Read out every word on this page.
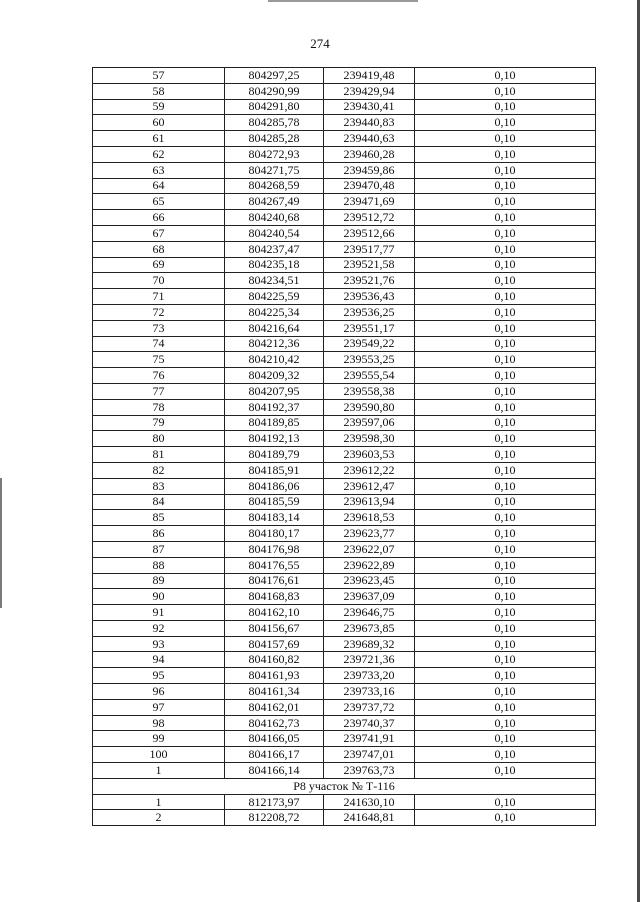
274
57	804297,25	239419,48	0,10
58	804290,99	239429,94	0,10
59	804291,80	239430,41	0,10
60	804285,78	239440,83	0,10
61	804285,28	239440,63	0,10
62	804272,93	239460,28	0,10
63	804271,75	239459,86	0,10
64	804268,59	239470,48	0,10
65	804267,49	239471,69	0,10
66	804240,68	239512,72	0,10
67	804240,54	239512,66	0,10
68	804237,47	239517,77	0,10
69	804235,18	239521,58	0,10
70	804234,51	239521,76	0,10
71	804225,59	239536,43	0,10
72	804225,34	239536,25	0,10
73	804216,64	239551,17	0,10
74	804212,36	239549,22	0,10
75	804210,42	239553,25	0,10
76	804209,32	239555,54	0,10
77	804207,95	239558,38	0,10
78	804192,37	239590,80	0,10
79	804189,85	239597,06	0,10
80	804192,13	239598,30	0,10
81	804189,79	239603,53	0,10
82	804185,91	239612,22	0,10
83	804186,06	239612,47	0,10
84	804185,59	239613,94	0,10
85	804183,14	239618,53	0,10
86	804180,17	239623,77	0,10
87	804176,98	239622,07	0,10
88	804176,55	239622,89	0,10
89	804176,61	239623,45	0,10
90	804168,83	239637,09	0,10
91	804162,10	239646,75	0,10
92	804156,67	239673,85	0,10
93	804157,69	239689,32	0,10
94	804160,82	239721,36	0,10
95	804161,93	239733,20	0,10
96	804161,34	239733,16	0,10
97	804162,01	239737,72	0,10
98	804162,73	239740,37	0,10
99	804166,05	239741,91	0,10
100	804166,17	239747,01	0,10
1	804166,14	239763,73	0,10
Р8 участок № Т-116			
1	812173,97	241630,10	0,10
2	812208,72	241648,81	0,10
